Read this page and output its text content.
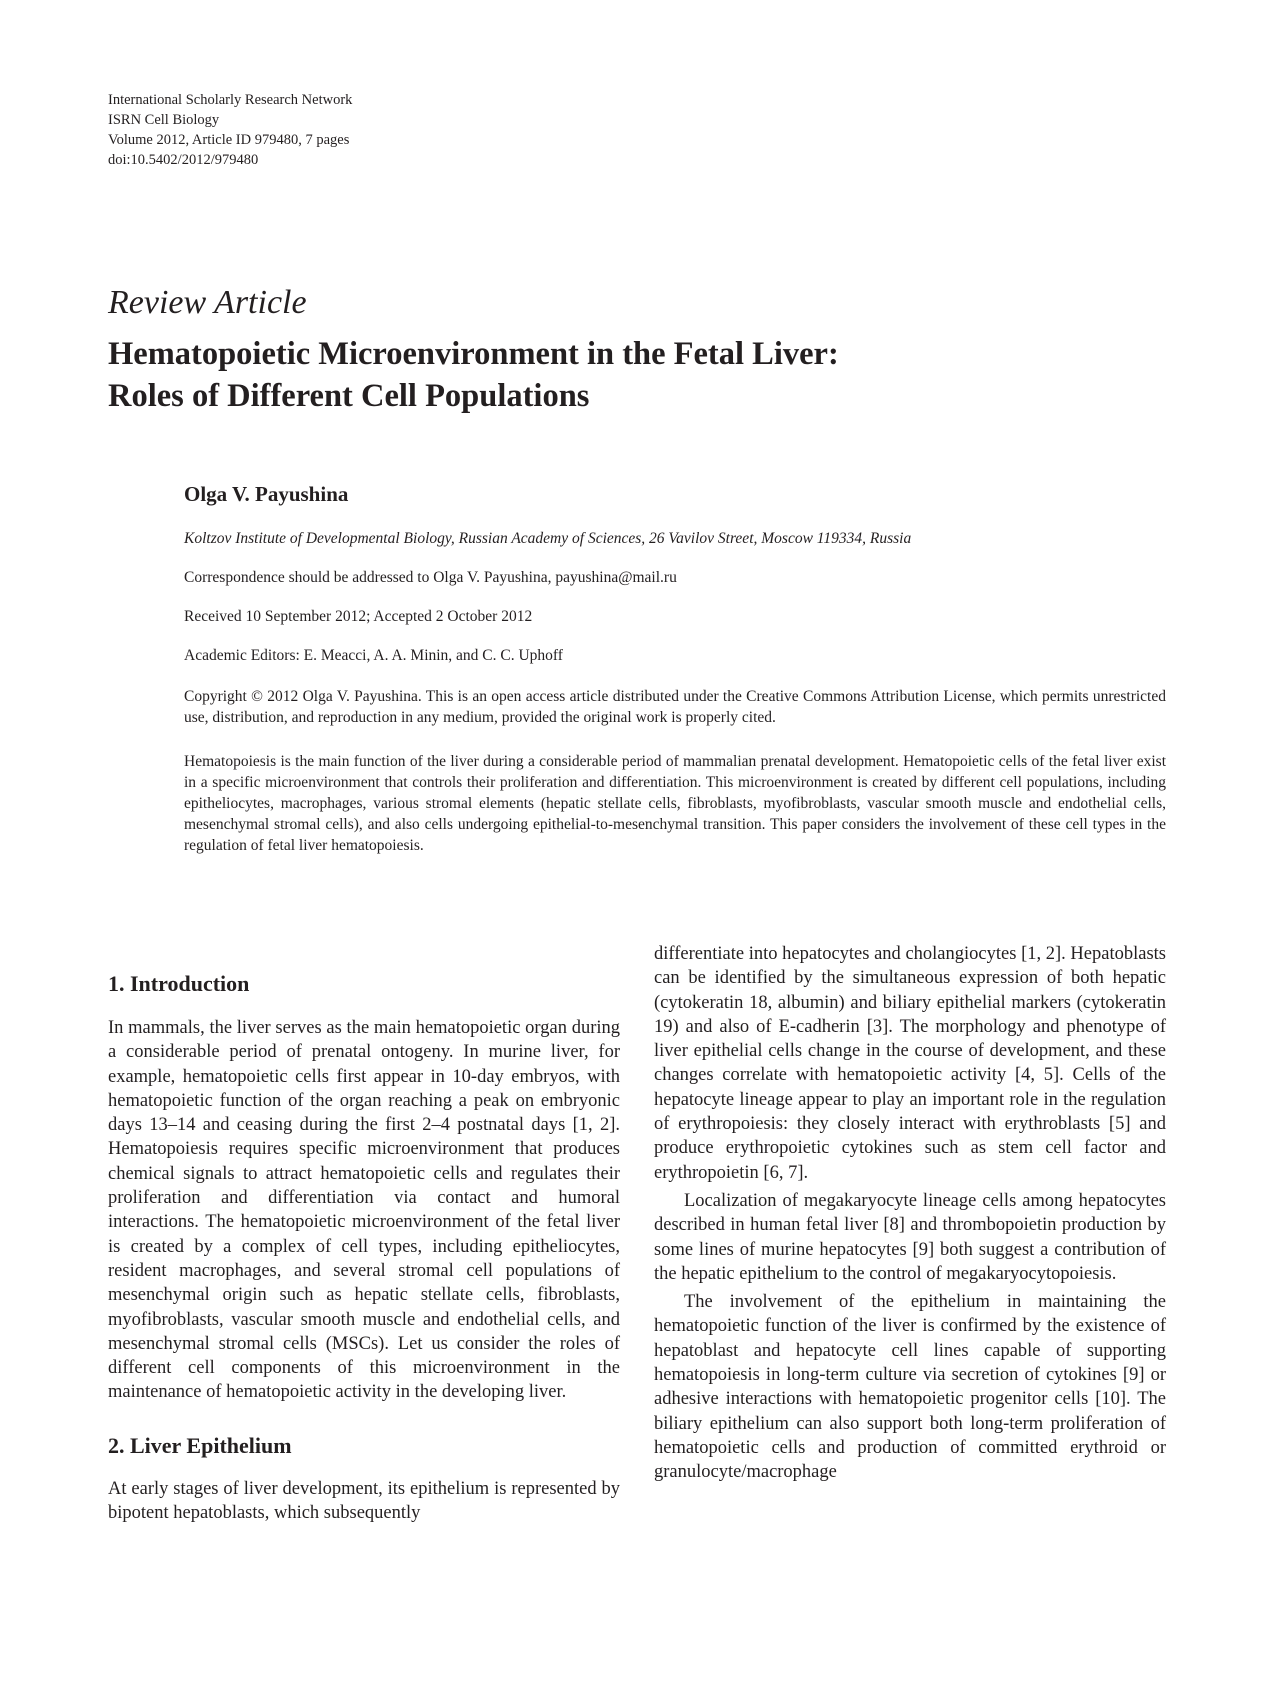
International Scholarly Research Network
ISRN Cell Biology
Volume 2012, Article ID 979480, 7 pages
doi:10.5402/2012/979480
Review Article
Hematopoietic Microenvironment in the Fetal Liver:
Roles of Different Cell Populations
Olga V. Payushina
Koltzov Institute of Developmental Biology, Russian Academy of Sciences, 26 Vavilov Street, Moscow 119334, Russia
Correspondence should be addressed to Olga V. Payushina, payushina@mail.ru
Received 10 September 2012; Accepted 2 October 2012
Academic Editors: E. Meacci, A. A. Minin, and C. C. Uphoff
Copyright © 2012 Olga V. Payushina. This is an open access article distributed under the Creative Commons Attribution License, which permits unrestricted use, distribution, and reproduction in any medium, provided the original work is properly cited.
Hematopoiesis is the main function of the liver during a considerable period of mammalian prenatal development. Hematopoietic cells of the fetal liver exist in a specific microenvironment that controls their proliferation and differentiation. This microenvironment is created by different cell populations, including epitheliocytes, macrophages, various stromal elements (hepatic stellate cells, fibroblasts, myofibroblasts, vascular smooth muscle and endothelial cells, mesenchymal stromal cells), and also cells undergoing epithelial-to-mesenchymal transition. This paper considers the involvement of these cell types in the regulation of fetal liver hematopoiesis.
1. Introduction

In mammals, the liver serves as the main hematopoietic organ during a considerable period of prenatal ontogeny. In murine liver, for example, hematopoietic cells first appear in 10-day embryos, with hematopoietic function of the organ reaching a peak on embryonic days 13–14 and ceasing during the first 2–4 postnatal days [1, 2]. Hematopoiesis requires specific microenvironment that produces chemical signals to attract hematopoietic cells and regulates their proliferation and differentiation via contact and humoral interactions. The hematopoietic microenvironment of the fetal liver is created by a complex of cell types, including epitheliocytes, resident macrophages, and several stromal cell populations of mesenchymal origin such as hepatic stellate cells, fibroblasts, myofibroblasts, vascular smooth muscle and endothelial cells, and mesenchymal stromal cells (MSCs). Let us consider the roles of different cell components of this microenvironment in the maintenance of hematopoietic activity in the developing liver.

2. Liver Epithelium

At early stages of liver development, its epithelium is represented by bipotent hepatoblasts, which subsequently

differentiate into hepatocytes and cholangiocytes [1, 2]. Hepatoblasts can be identified by the simultaneous expression of both hepatic (cytokeratin 18, albumin) and biliary epithelial markers (cytokeratin 19) and also of E-cadherin [3]. The morphology and phenotype of liver epithelial cells change in the course of development, and these changes correlate with hematopoietic activity [4, 5]. Cells of the hepatocyte lineage appear to play an important role in the regulation of erythropoiesis: they closely interact with erythroblasts [5] and produce erythropoietic cytokines such as stem cell factor and erythropoietin [6, 7].

Localization of megakaryocyte lineage cells among hepatocytes described in human fetal liver [8] and thrombopoietin production by some lines of murine hepatocytes [9] both suggest a contribution of the hepatic epithelium to the control of megakaryocytopoiesis.

The involvement of the epithelium in maintaining the hematopoietic function of the liver is confirmed by the existence of hepatoblast and hepatocyte cell lines capable of supporting hematopoiesis in long-term culture via secretion of cytokines [9] or adhesive interactions with hematopoietic progenitor cells [10]. The biliary epithelium can also support both long-term proliferation of hematopoietic cells and production of committed erythroid or granulocyte/macrophage
